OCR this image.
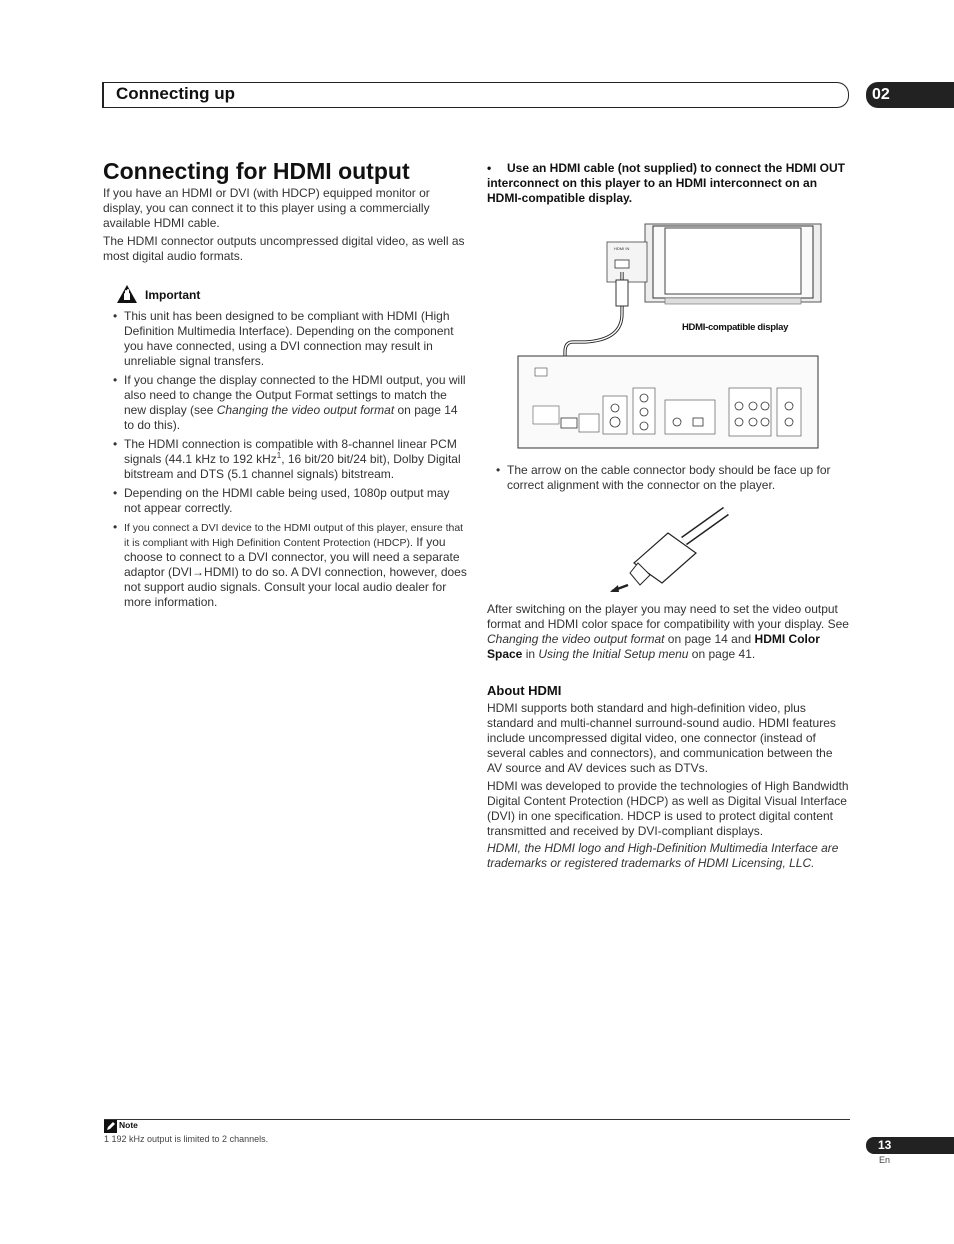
Connecting up	02
Connecting for HDMI output

If you have an HDMI or DVI (with HDCP) equipped monitor or display, you can connect it to this player using a commercially available HDMI cable.

The HDMI connector outputs uncompressed digital video, as well as most digital audio formats.

Important
• This unit has been designed to be compliant with HDMI (High Definition Multimedia Interface). Depending on the component you have connected, using a DVI connection may result in unreliable signal transfers.
• If you change the display connected to the HDMI output, you will also need to change the Output Format settings to match the new display (see Changing the video output format on page 14 to do this).
• The HDMI connection is compatible with 8-channel linear PCM signals (44.1 kHz to 192 kHz$^1$, 16 bit/20 bit/24 bit), Dolby Digital bitstream and DTS (5.1 channel signals) bitstream.
• Depending on the HDMI cable being used, 1080p output may not appear correctly.
• If you connect a DVI device to the HDMI output of this player, ensure that it is compliant with High Definition Content Protection (HDCP). If you choose to connect to a DVI connector, you will need a separate adaptor (DVI→HDMI) to do so. A DVI connection, however, does not support audio signals. Consult your local audio dealer for more information.
• Use an HDMI cable (not supplied) to connect the HDMI OUT interconnect on this player to an HDMI interconnect on an HDMI-compatible display.
HDMI IN
HDMI-compatible display
• The arrow on the cable connector body should be face up for correct alignment with the connector on the player.

After switching on the player you may need to set the video output format and HDMI color space for compatibility with your display. See Changing the video output format on page 14 and HDMI Color Space in Using the Initial Setup menu on page 41.

About HDMI

HDMI supports both standard and high-definition video, plus standard and multi-channel surround-sound audio. HDMI features include uncompressed digital video, one connector (instead of several cables and connectors), and communication between the AV source and AV devices such as DTVs.

HDMI was developed to provide the technologies of High Bandwidth Digital Content Protection (HDCP) as well as Digital Visual Interface (DVI) in one specification. HDCP is used to protect digital content transmitted and received by DVI-compliant displays.

HDMI, the HDMI logo and High-Definition Multimedia Interface are trademarks or registered trademarks of HDMI Licensing, LLC.

Note
1 192 kHz output is limited to 2 channels.	13
En
